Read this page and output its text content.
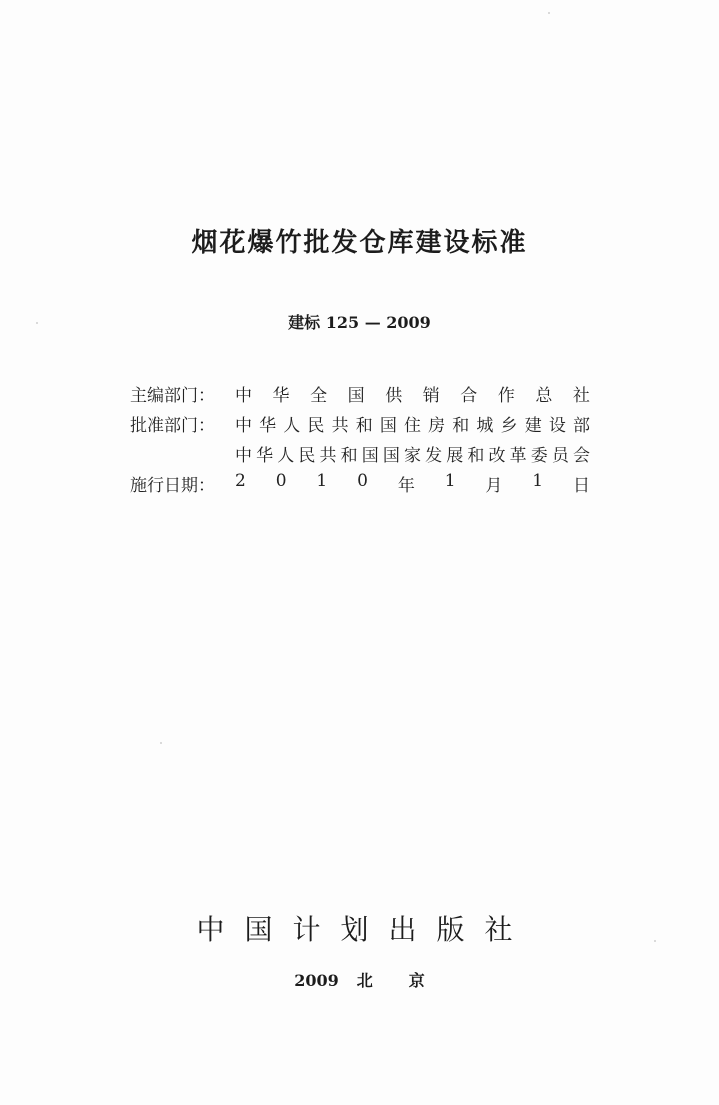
烟花爆竹批发仓库建设标准
建标 125 — 2009
主编部门：	中 华 全 国 供 销 合 作 总 社
批准部门：	中 华 人 民 共 和 国 住 房 和 城 乡 建 设 部
中 华 人 民 共 和 国 国 家 发 展 和 改 革 委 员 会
施行日期：	2 0 1 0 年 1 月 1 日
中国计划出版社
2009 北 京
